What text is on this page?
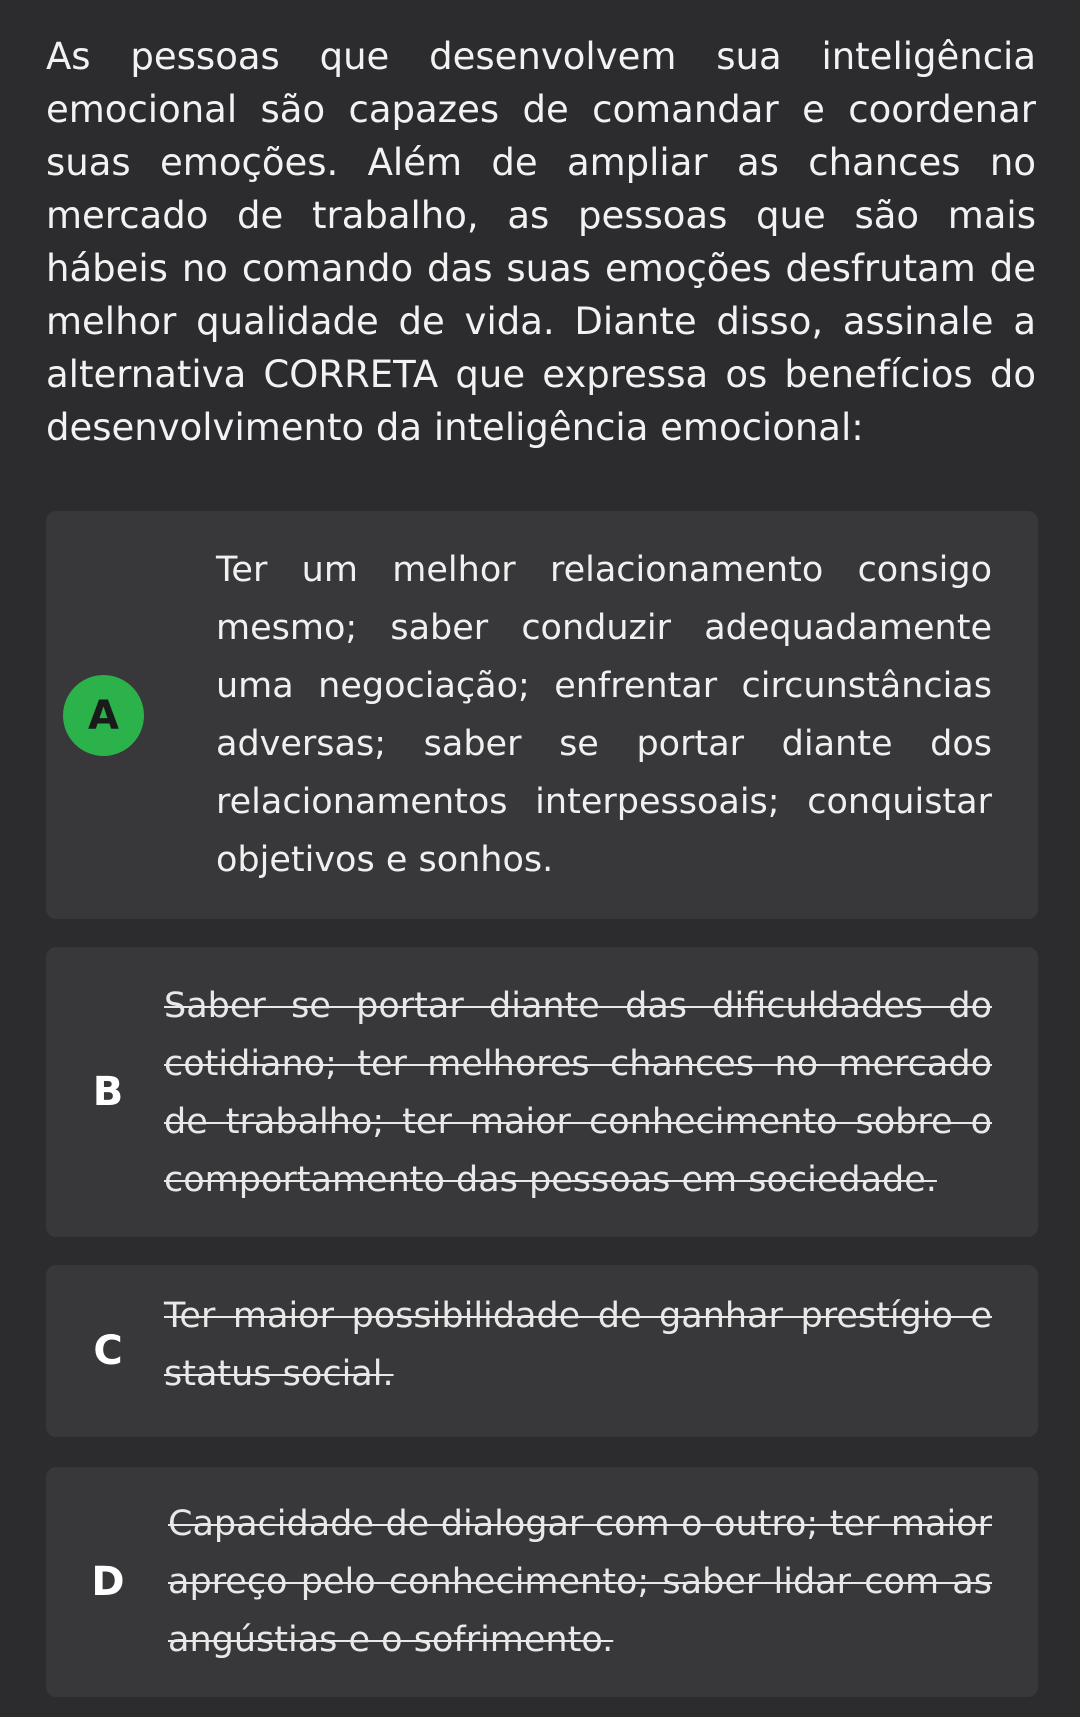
As pessoas que desenvolvem sua inteligência emocional são capazes de comandar e coordenar suas emoções. Além de ampliar as chances no mercado de trabalho, as pessoas que são mais hábeis no comando das suas emoções desfrutam de melhor qualidade de vida. Diante disso, assinale a alternativa CORRETA que expressa os benefícios do desenvolvimento da inteligência emocional:

A

Ter um melhor relacionamento consigo mesmo; saber conduzir adequadamente uma negociação; enfrentar circunstâncias adversas; saber se portar diante dos relacionamentos interpessoais; conquistar objetivos e sonhos.

B

Saber se portar diante das dificuldades do cotidiano; ter melhores chances no mercado de trabalho; ter maior conhecimento sobre o comportamento das pessoas em sociedade.

C

Ter maior possibilidade de ganhar prestígio e status social.

D

Capacidade de dialogar com o outro; ter maior apreço pelo conhecimento; saber lidar com as angústias e o sofrimento.
